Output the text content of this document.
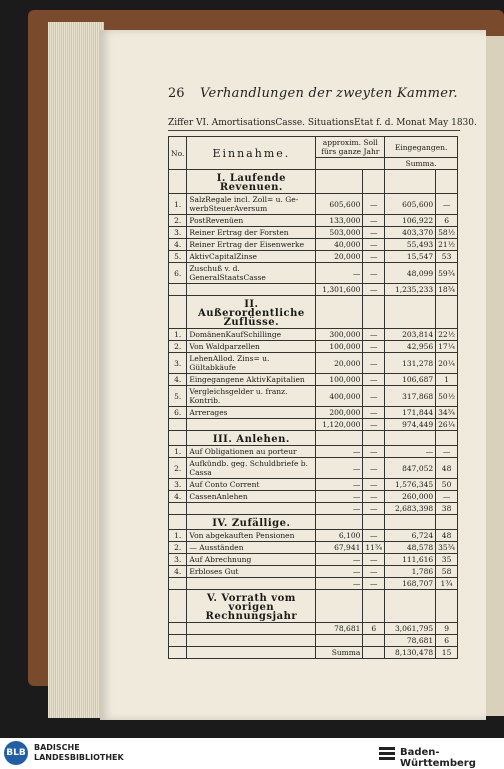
26 Verhandlungen der zweyten Kammer.
Ziffer VI. AmortisationsCasse. SituationsEtat f. d. Monat May 1830.
No.	Einnahme.	approxim. Soll fürs ganze Jahr		Eingegangen.	
				Summa.	
	I. Laufende Revenuen.				
1.	SalzRegale incl. Zoll= u. Ge- werbSteuerAversum	605,600	—	605,600	—
2.	PostRevenüen	133,000	—	106,922	6
3.	Reiner Ertrag der Forsten	503,000	—	403,370	58½
4.	Reiner Ertrag der Eisenwerke	40,000	—	55,493	21½
5.	AktivCapitalZinse	20,000	—	15,547	53
6.	Zuschuß v. d. GeneralStaatsCasse	—	—	48,099	59¾
		1,301,600	—	1,235,233	18¾
	II. Außerordentliche Zuflüsse.				
1.	DomänenKaufSchillinge	300,000	—	203,814	22½
2.	Von Waldparzellen	100,000	—	42,956	17¼
3.	LehenAllod. Zins= u. Gültabkäufe	20,000	—	131,278	20¼
4.	Eingegangene AktivKapitalien	100,000	—	106,687	1
5.	Vergleichsgelder u. franz. Kontrib.	400,000	—	317,868	50½
6.	Arrerages	200,000	—	171,844	34¾
		1,120,000	—	974,449	26¼
	III. Anlehen.				
1.	Auf Obligationen au porteur	—	—	—	—
2.	Aufkündb. geg. Schuldbriefe b. Cassa	—	—	847,052	48
3.	Auf Conto Corrent	—	—	1,576,345	50
4.	CassenAnlehen	—	—	260,000	—
		—	—	2,683,398	38
	IV. Zufällige.				
1.	Von abgekauften Pensionen	6,100	—	6,724	48
2.	— Ausständen	67,941	11¾	48,578	35¾
3.	Auf Abrechnung	—	—	111,616	35
4.	Erbloses Gut	—	—	1,786	58
		—	—	168,707	1¾
	V. Vorrath vom vorigen Rechnungsjahr				
		78,681	6	3,061,795	9
				78,681	6
		Summa		8,130,478	15
BLB
BADISCHE
LANDESBIBLIOTHEK	Baden-Württemberg
